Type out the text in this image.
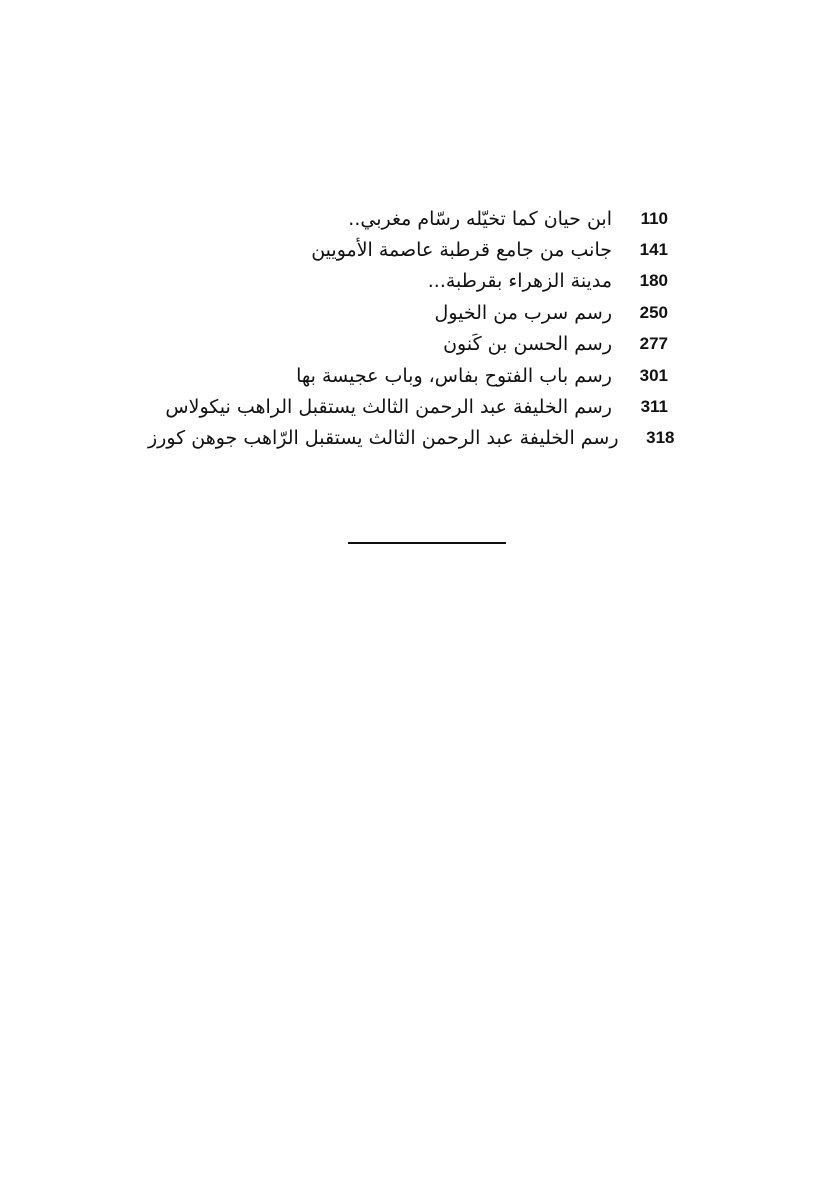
ابن حيان كما تخيّله رسّام مغربي..	110
جانب من جامع قرطبة عاصمة الأمويين	141
مدينة الزهراء بقرطبة...	180
رسم سرب من الخيول	250
رسم الحسن بن كَنون	277
رسم باب الفتوح بفاس، وباب عجيسة بها	301
رسم الخليفة عبد الرحمن الثالث يستقبل الراهب نيكولاس	311
رسم الخليفة عبد الرحمن الثالث يستقبل الرّاهب جوهن كورز	318
